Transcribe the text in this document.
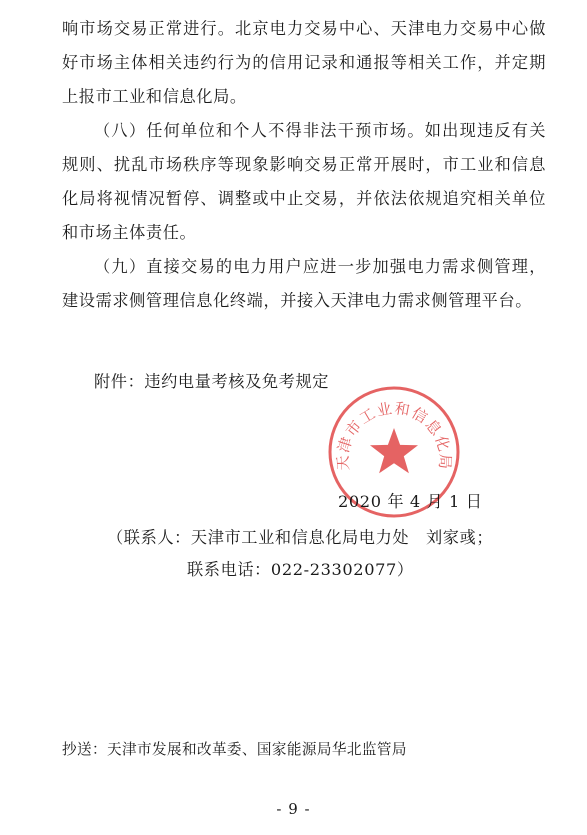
响市场交易正常进行。北京电力交易中心、天津电力交易中心做好市场主体相关违约行为的信用记录和通报等相关工作，并定期上报市工业和信息化局。

（八）任何单位和个人不得非法干预市场。如出现违反有关规则、扰乱市场秩序等现象影响交易正常开展时，市工业和信息化局将视情况暂停、调整或中止交易，并依法依规追究相关单位和市场主体责任。

（九）直接交易的电力用户应进一步加强电力需求侧管理，建设需求侧管理信息化终端，并接入天津电力需求侧管理平台。

附件：违约电量考核及免考规定

天津市工业和信息化局

2020 年 4 月 1 日

（联系人：天津市工业和信息化局电力处　刘家彧；

联系电话：022-23302077）

抄送：天津市发展和改革委、国家能源局华北监管局

- 9 -
